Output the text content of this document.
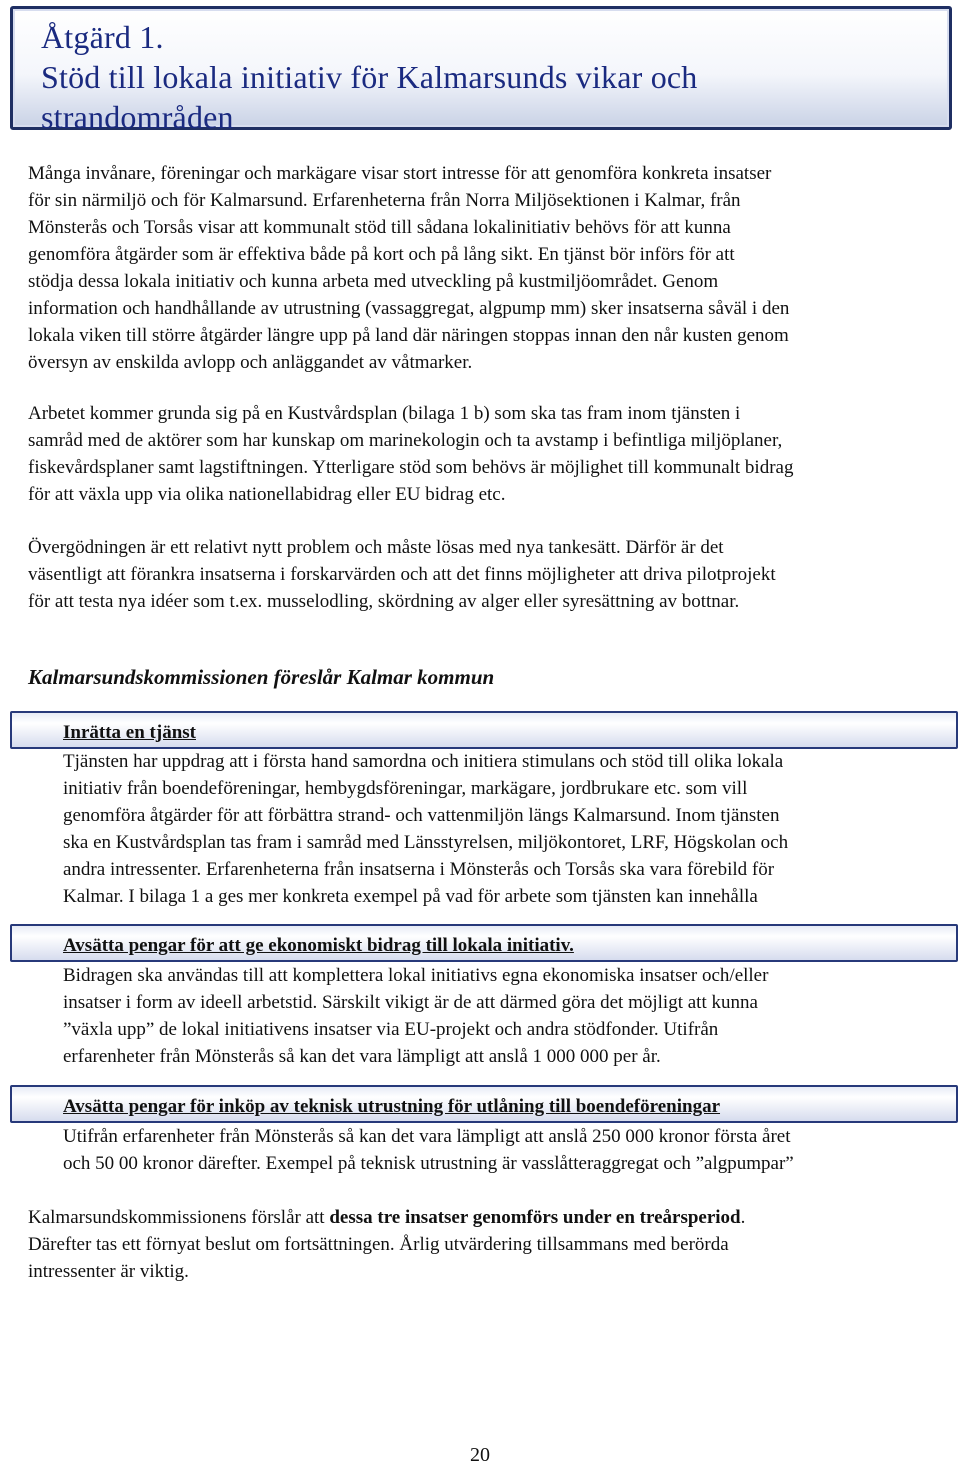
Åtgärd 1.
Stöd till lokala initiativ för Kalmarsunds vikar och
strandområden
Många invånare, föreningar och markägare visar stort intresse för att genomföra konkreta insatser
för sin närmiljö och för Kalmarsund. Erfarenheterna från Norra Miljösektionen i Kalmar, från
Mönsterås och Torsås visar att kommunalt stöd till sådana lokalinitiativ behövs för att kunna
genomföra åtgärder som är effektiva både på kort och på lång sikt. En tjänst bör införs för att
stödja dessa lokala initiativ och kunna arbeta med utveckling på kustmiljöområdet. Genom
information och handhållande av utrustning (vassaggregat, algpump mm) sker insatserna såväl i den
lokala viken till större åtgärder längre upp på land där näringen stoppas innan den når kusten genom
översyn av enskilda avlopp och anläggandet av våtmarker.
Arbetet kommer grunda sig på en Kustvårdsplan (bilaga 1 b) som ska tas fram inom tjänsten i
samråd med de aktörer som har kunskap om marinekologin och ta avstamp i befintliga miljöplaner,
fiskevårdsplaner samt lagstiftningen. Ytterligare stöd som behövs är möjlighet till kommunalt bidrag
för att växla upp via olika nationellabidrag eller EU bidrag etc.
Övergödningen är ett relativt nytt problem och måste lösas med nya tankesätt. Därför är det
väsentligt att förankra insatserna i forskarvärden och att det finns möjligheter att driva pilotprojekt
för att testa nya idéer som t.ex. musselodling, skördning av alger eller syresättning av bottnar.
Kalmarsundskommissionen föreslår Kalmar kommun
Inrätta en tjänst
Tjänsten har uppdrag att i första hand samordna och initiera stimulans och stöd till olika lokala
initiativ från boendeföreningar, hembygdsföreningar, markägare, jordbrukare etc. som vill
genomföra åtgärder för att förbättra strand- och vattenmiljön längs Kalmarsund. Inom tjänsten
ska en Kustvårdsplan tas fram i samråd med Länsstyrelsen, miljökontoret, LRF, Högskolan och
andra intressenter. Erfarenheterna från insatserna i Mönsterås och Torsås ska vara förebild för
Kalmar. I bilaga 1 a ges mer konkreta exempel på vad för arbete som tjänsten kan innehålla
Avsätta pengar för att ge ekonomiskt bidrag till lokala initiativ.
Bidragen ska användas till att komplettera lokal initiativs egna ekonomiska insatser och/eller
insatser i form av ideell arbetstid. Särskilt vikigt är de att därmed göra det möjligt att kunna
”växla upp” de lokal initiativens insatser via EU-projekt och andra stödfonder. Utifrån
erfarenheter från Mönsterås så kan det vara lämpligt att anslå 1 000 000 per år.
Avsätta pengar för inköp av teknisk utrustning för utlåning till boendeföreningar
Utifrån erfarenheter från Mönsterås så kan det vara lämpligt att anslå 250 000 kronor första året
och 50 00 kronor därefter. Exempel på teknisk utrustning är vasslåtteraggregat och ”algpumpar”
Kalmarsundskommissionens förslår att dessa tre insatser genomförs under en treårsperiod.
Därefter tas ett förnyat beslut om fortsättningen. Årlig utvärdering tillsammans med berörda
intressenter är viktig.
20
